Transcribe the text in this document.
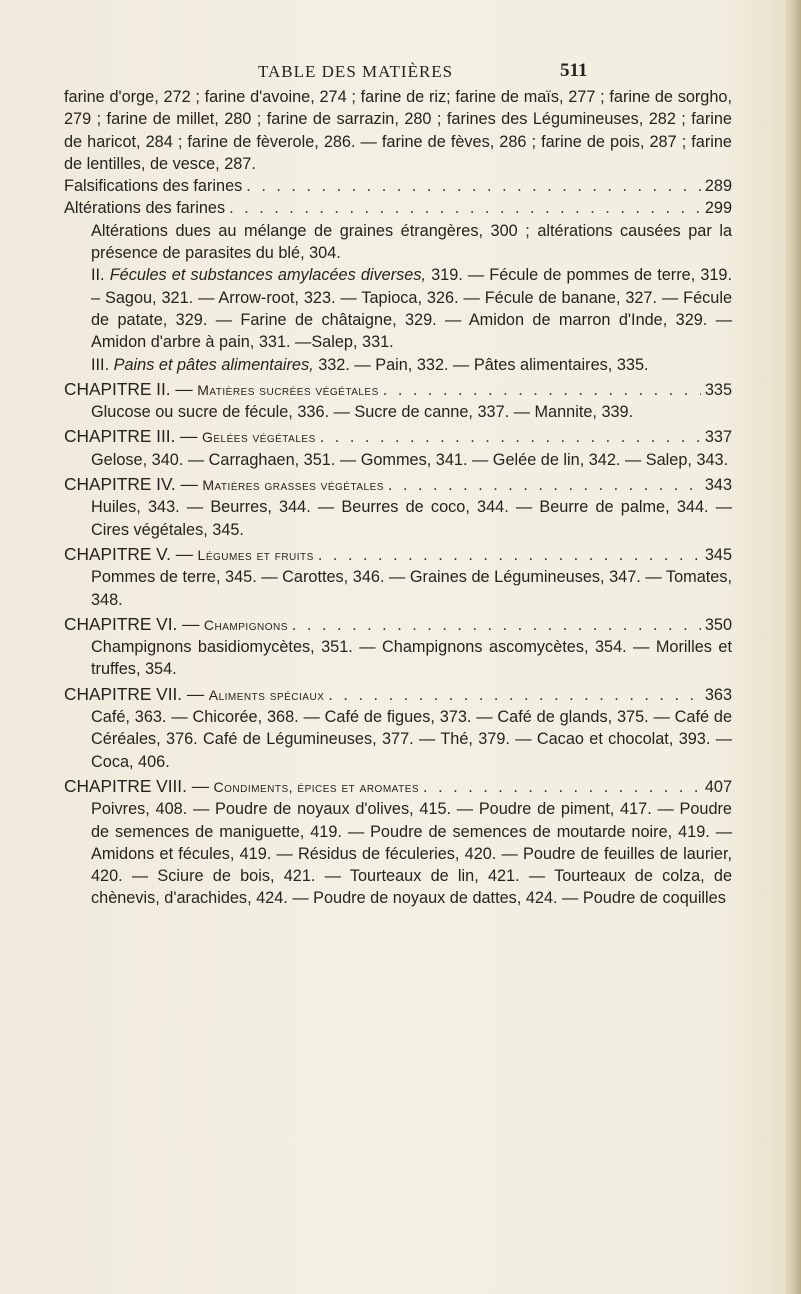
TABLE DES MATIÈRES	511

farine d'orge, 272 ; farine d'avoine, 274 ; farine de riz; farine de maïs, 277 ; farine de sorgho, 279 ; farine de millet, 280 ; farine de sarrazin, 280 ; farines des Légumineuses, 282 ; farine de haricot, 284 ; farine de fèverole, 286. — farine de fèves, 286 ; farine de pois, 287 ; farine de lentilles, de vesce, 287.

Falsifications des farines . . .	289
Altérations des farines . . .	299

Altérations dues au mélange de graines étrangères, 300 ; altérations causées par la présence de parasites du blé, 304.

II. Fécules et substances amylacées diverses, 319. — Fécule de pommes de terre, 319. – Sagou, 321. — Arrow-root, 323. — Tapioca, 326. — Fécule de banane, 327. — Fécule de patate, 329. — Farine de châtaigne, 329. — Amidon de marron d'Inde, 329. — Amidon d'arbre à pain, 331. —Salep, 331.

III. Pains et pâtes alimentaires, 332. — Pain, 332. — Pâtes alimentaires, 335.

CHAPITRE II. — Matières sucrées végétales . . .	335

Glucose ou sucre de fécule, 336. — Sucre de canne, 337. — Mannite, 339.

CHAPITRE III. — Gelées végétales . . .	337

Gelose, 340. — Carraghaen, 351. — Gommes, 341. — Gelée de lin, 342. — Salep, 343.

CHAPITRE IV. — Matières grasses végétales . . .	343

Huiles, 343. — Beurres, 344. — Beurres de coco, 344. — Beurre de palme, 344. — Cires végétales, 345.

CHAPITRE V. — Légumes et fruits . . .	345

Pommes de terre, 345. — Carottes, 346. — Graines de Légumineuses, 347. — Tomates, 348.

CHAPITRE VI. — Champignons . . .	350

Champignons basidiomycètes, 351. — Champignons ascomycètes, 354. — Morilles et truffes, 354.

CHAPITRE VII. — Aliments spéciaux . . .	363

Café, 363. — Chicorée, 368. — Café de figues, 373. — Café de glands, 375. — Café de Céréales, 376. Café de Légumineuses, 377. — Thé, 379. — Cacao et chocolat, 393. — Coca, 406.

CHAPITRE VIII. — Condiments, épices et aromates . . .	407

Poivres, 408. — Poudre de noyaux d'olives, 415. — Poudre de piment, 417. — Poudre de semences de maniguette, 419. — Poudre de semences de moutarde noire, 419. — Amidons et fécules, 419. — Résidus de féculeries, 420. — Poudre de feuilles de laurier, 420. — Sciure de bois, 421. — Tourteaux de lin, 421. — Tourteaux de colza, de chènevis, d'arachides, 424. — Poudre de noyaux de dattes, 424. — Poudre de coquilles
